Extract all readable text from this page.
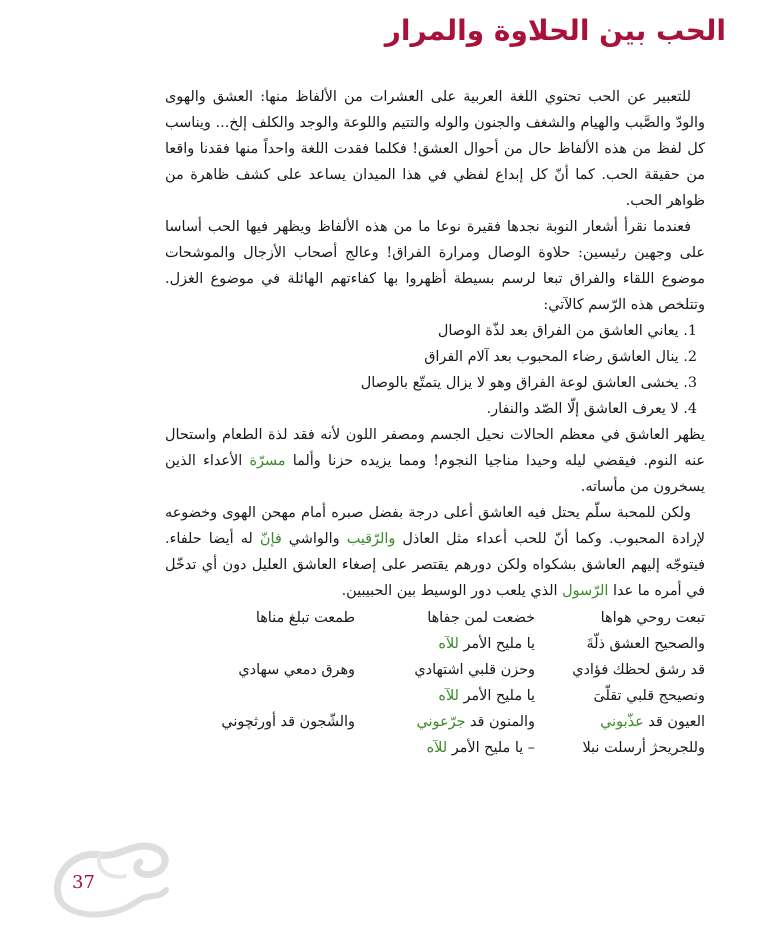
الحب بين الحلاوة والمرار

للتعبير عن الحب تحتوي اللغة العربية على العشرات من الألفاظ منها: العشق والهوى والودّ والصَّبب والهيام والشغف والجنون والوله والتتيم واللوعة والوجد والكلف إلخ... ويناسب كل لفظ من هذه الألفاظ حال من أحوال العشق! فكلما فقدت اللغة واحداً منها فقدنا واقعا من حقيقة الحب. كما أنّ كل إبداع لفظي في هذا الميدان يساعد على كشف ظاهرة من ظواهر الحب.

فعندما نقرأ أشعار النوبة نجدها فقيرة نوعا ما من هذه الألفاظ ويظهر فيها الحب أساسا على وجهين رئيسين: حلاوة الوصال ومرارة الفراق! وعالج أصحاب الأزجال والموشحات موضوع اللقاء والفراق تبعا لرسم بسيطة أظهروا بها كفاءتهم الهائلة في موضوع الغزل. وتتلخص هذه الرّسم كالآتي:

1. يعاني العاشق من الفراق بعد لذّة الوصال
2. ينال العاشق رضاء المحبوب بعد آلام الفراق
3. يخشى العاشق لوعة الفراق وهو لا يزال يتمتّع بالوصال
4. لا يعرف العاشق إلّا الصّد والنفار.

يظهر العاشق في معظم الحالات نحيل الجسم ومصفر اللون لأنه فقد لذة الطعام واستحال عنه النوم. فيقضي ليله وحيدا مناجيا النجوم! ومما يزيده حزنا وألما مسرّة الأعداء الذين يسخرون من مأساته.

ولكن للمحبة سلّم يحتل فيه العاشق أعلى درجة بفضل صبره أمام مهحن الهوى وخضوعه لإرادة المحبوب. وكما أنّ للحب أعداء مثل العاذل والرّقيب والواشي فإنّ له أيضا حلفاء. فيتوجّه إليهم العاشق بشكواه ولكن دورهم يقتصر على إصغاء العاشق العليل دون أي تدخّل في أمره ما عدا الرّسول الذي يلعب دور الوسيط بين الحبيبين.

تبعت روحي هواها
خضعت لمن جفاها
طمعت تبلغ مناها
والصحيح العشق ذلّةَ
يا مليح الأمر للآه
قد رشق لحظك فؤادي
وحزن قلبي اشتهادي
وهرق دمعي سهادي
ونصيحج قلبي تقلّىَ
يا مليح الأمر للآه
العيون قد عذّبوني
والمنون قد جرّعوني
والشّجون قد أورثچوني
وللجريحژ أرسلت نبلا
– يا مليح الأمر للآه
37
